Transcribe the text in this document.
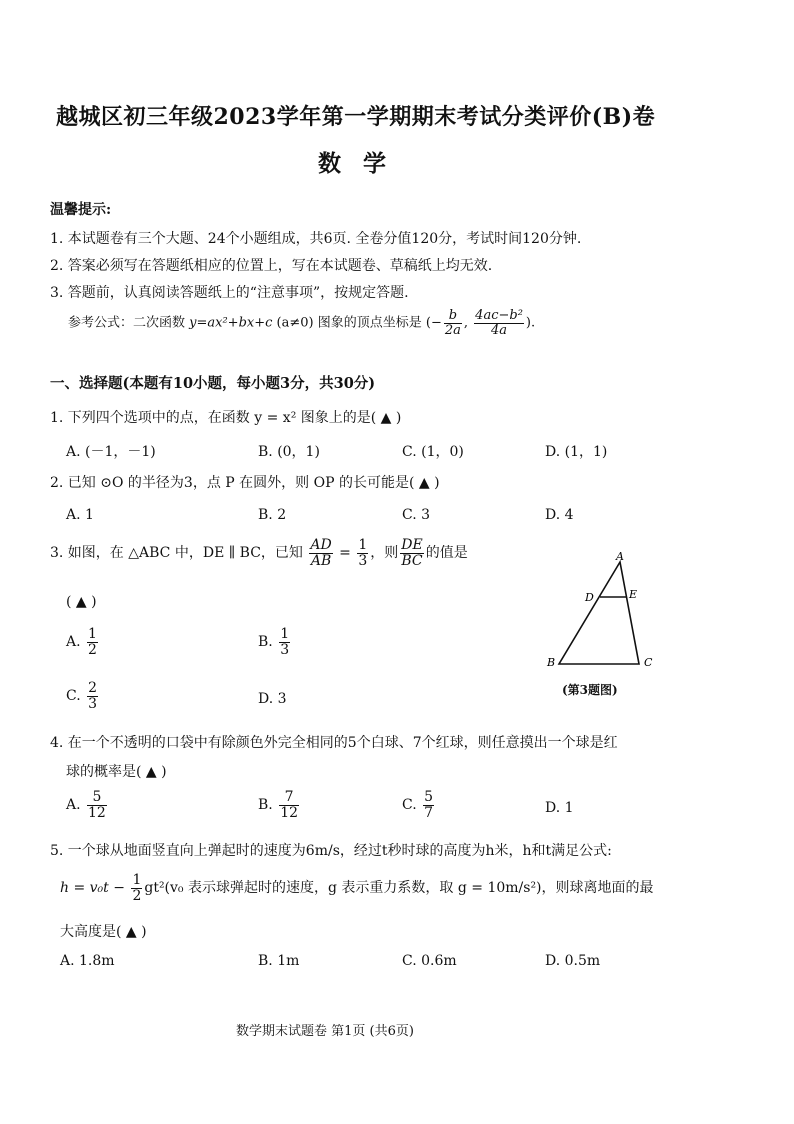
越城区初三年级2023学年第一学期期末考试分类评价(B)卷
数学
温馨提示:
1. 本试题卷有三个大题、24个小题组成，共6页. 全卷分值120分，考试时间120分钟.
2. 答案必须写在答题纸相应的位置上，写在本试题卷、草稿纸上均无效.
3. 答题前，认真阅读答题纸上的“注意事项”，按规定答题.
参考公式：二次函数 y=ax²+bx+c (a≠0) 图象的顶点坐标是 (− $\frac{b}{2a}$ , $\frac{\text{4ac−b²}}{4a}$ ).
一、选择题(本题有10小题，每小题3分，共30分)
1. 下列四个选项中的点，在函数 y = x² 图象上的是( ▲ )
A. (－1，－1)	B. (0，1)	C. (1，0)	D. (1，1)
2. 已知 ⊙O 的半径为3，点 P 在圆外，则 OP 的长可能是( ▲ )
A. 1	B. 2	C. 3	D. 4
3. 如图，在 △ABC 中，DE ∥ BC，已知 $\frac{AD}{AB} = \frac{1}{3}$ ，则 $\frac{DE}{BC}$ 的值是
( ▲ )
A. $\frac{1}{2}$	B. $\frac{1}{3}$
C. $\frac{2}{3}$	D. 3
A
D	E
B	C
(第3题图)
4. 在一个不透明的口袋中有除颜色外完全相同的5个白球、7个红球，则任意摸出一个球是红
球的概率是( ▲ )
A. $\frac{5}{12}$	B. $\frac{7}{12}$	C. $\frac{5}{7}$	D. 1
5. 一个球从地面竖直向上弹起时的速度为6m/s，经过t秒时球的高度为h米，h和t满足公式:
$h = v_0t - \frac{1}{2} gt^2(v_0$ 表示球弹起时的速度，g 表示重力系数，取 g = 10m/s²)，则球离地面的最
大高度是( ▲ )
A. 1.8m	B. 1m	C. 0.6m	D. 0.5m
数学期末试题卷 第1页 (共6页)
